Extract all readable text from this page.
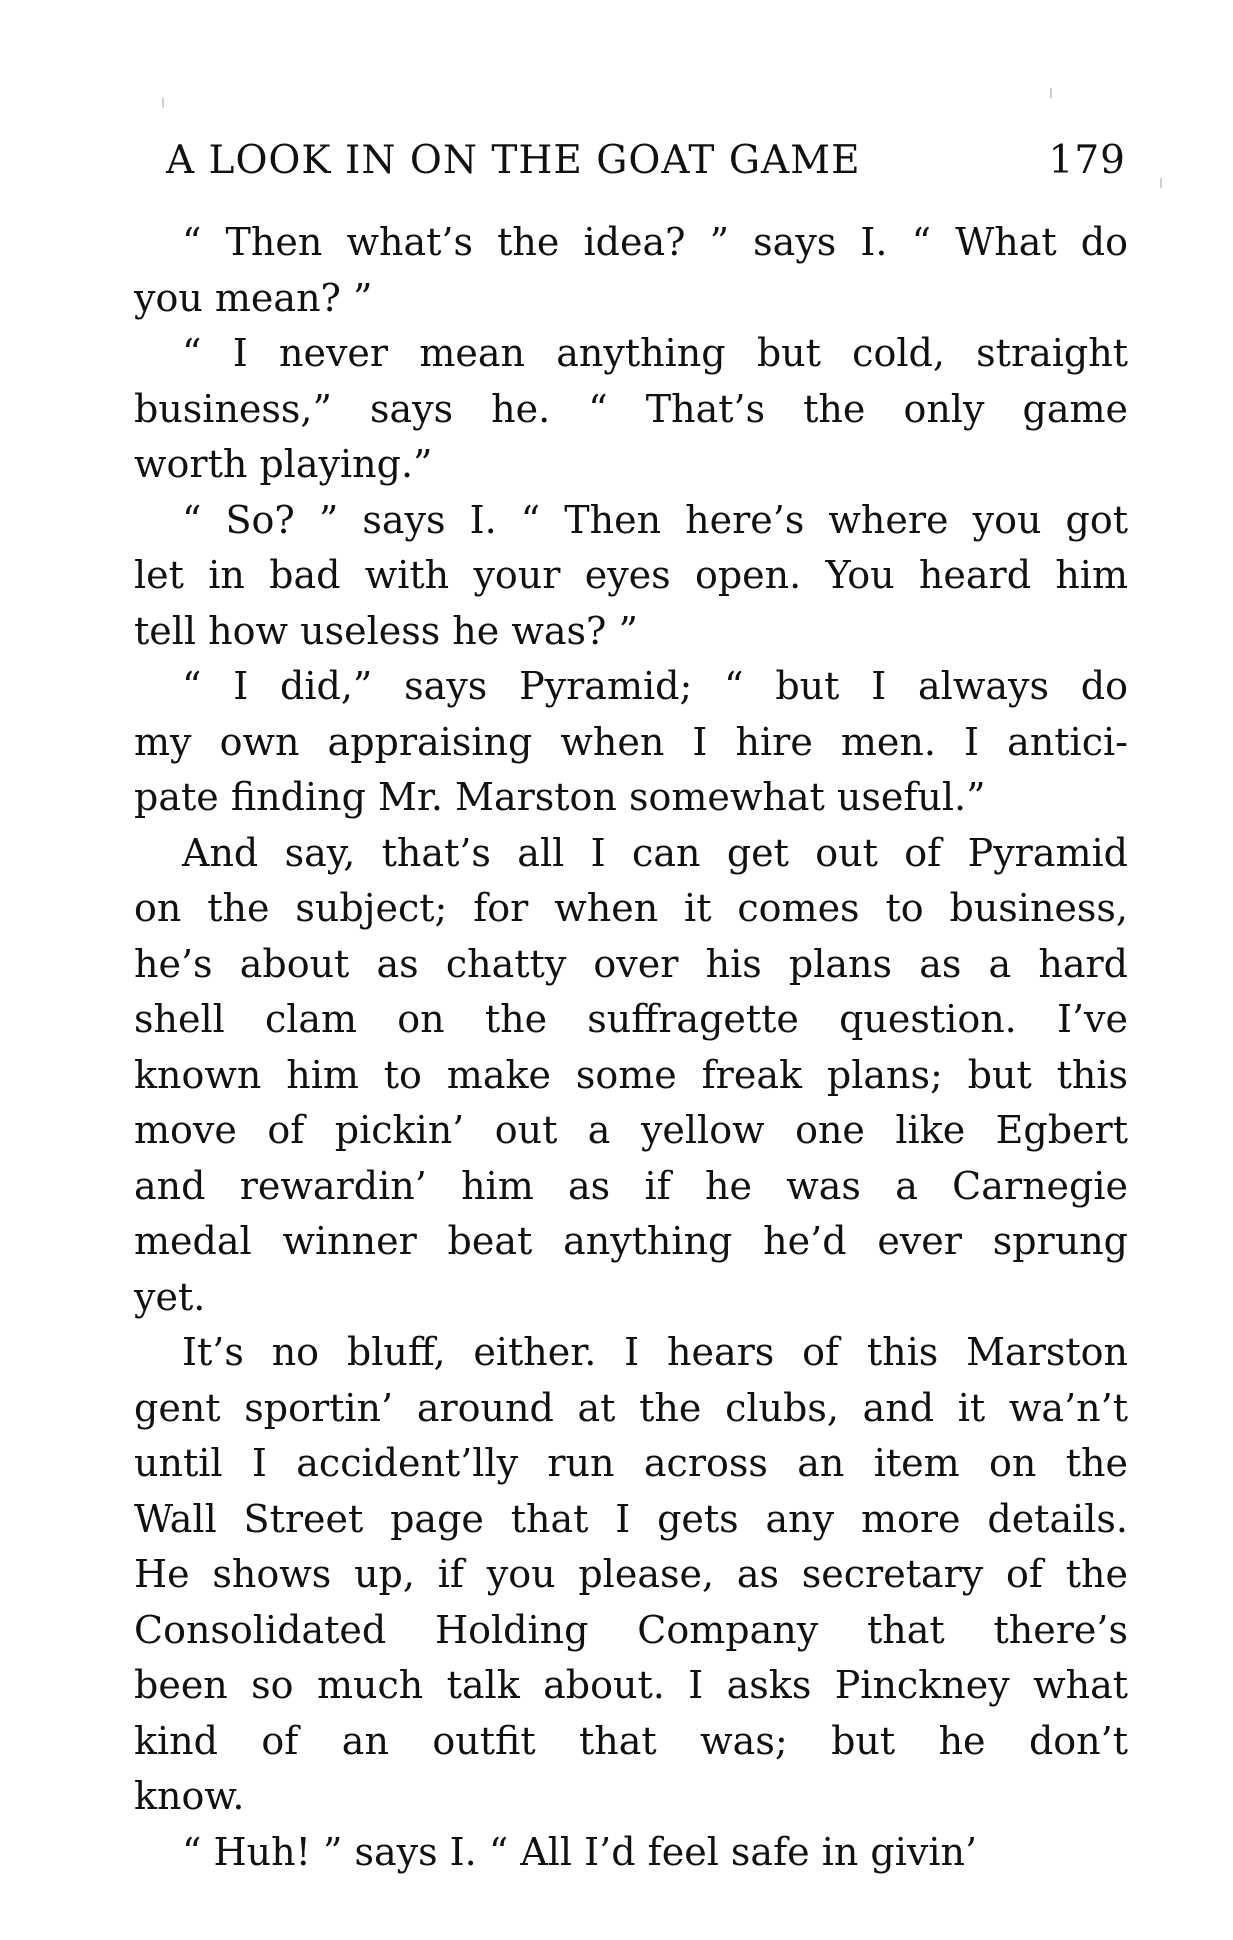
A LOOK IN ON THE GOAT GAME	179

“ Then what’s the idea? ” says I. “ What do
you mean? ”

“ I never mean anything but cold, straight
business,” says he. “ That’s the only game
worth playing.”

“ So? ” says I. “ Then here’s where you got
let in bad with your eyes open. You heard him
tell how useless he was? ”

“ I did,” says Pyramid; “ but I always do
my own appraising when I hire men. I antici-
pate finding Mr. Marston somewhat useful.”

And say, that’s all I can get out of Pyramid
on the subject; for when it comes to business,
he’s about as chatty over his plans as a hard
shell clam on the suffragette question. I’ve
known him to make some freak plans; but this
move of pickin’ out a yellow one like Egbert
and rewardin’ him as if he was a Carnegie
medal winner beat anything he’d ever sprung
yet.

It’s no bluff, either. I hears of this Marston
gent sportin’ around at the clubs, and it wa’n’t
until I accident’lly run across an item on the
Wall Street page that I gets any more details.
He shows up, if you please, as secretary of the
Consolidated Holding Company that there’s
been so much talk about. I asks Pinckney what
kind of an outfit that was; but he don’t
know.

“ Huh! ” says I. “ All I’d feel safe in givin’
